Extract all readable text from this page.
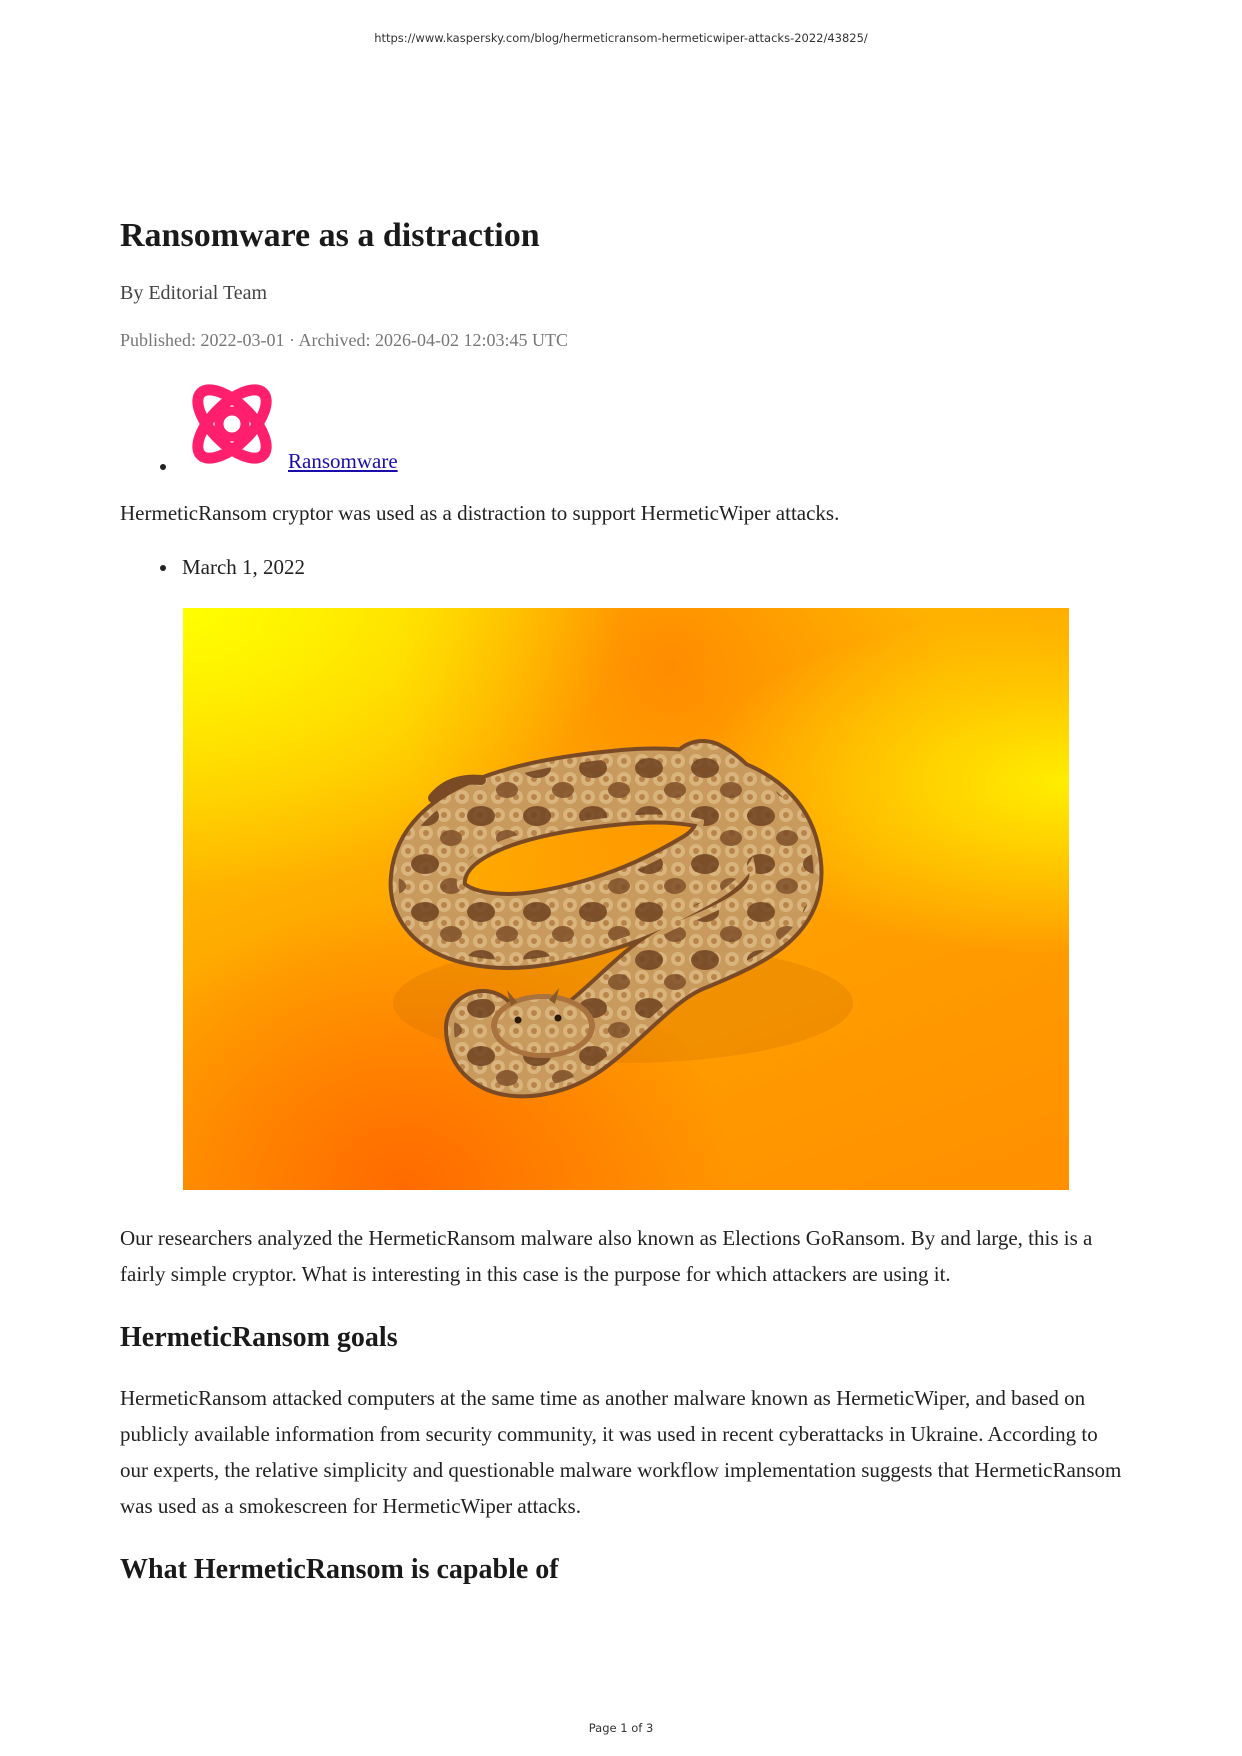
https://www.kaspersky.com/blog/hermeticransom-hermeticwiper-attacks-2022/43825/
Ransomware as a distraction
By Editorial Team
Published: 2022-03-01 · Archived: 2026-04-02 12:03:45 UTC
Ransomware
HermeticRansom cryptor was used as a distraction to support HermeticWiper attacks.
March 1, 2022

Our researchers analyzed the HermeticRansom malware also known as Elections GoRansom. By and large, this is a fairly simple cryptor. What is interesting in this case is the purpose for which attackers are using it.

HermeticRansom goals

HermeticRansom attacked computers at the same time as another malware known as HermeticWiper, and based on publicly available information from security community, it was used in recent cyberattacks in Ukraine. According to our experts, the relative simplicity and questionable malware workflow implementation suggests that HermeticRansom was used as a smokescreen for HermeticWiper attacks.

What HermeticRansom is capable of
Page 1 of 3
